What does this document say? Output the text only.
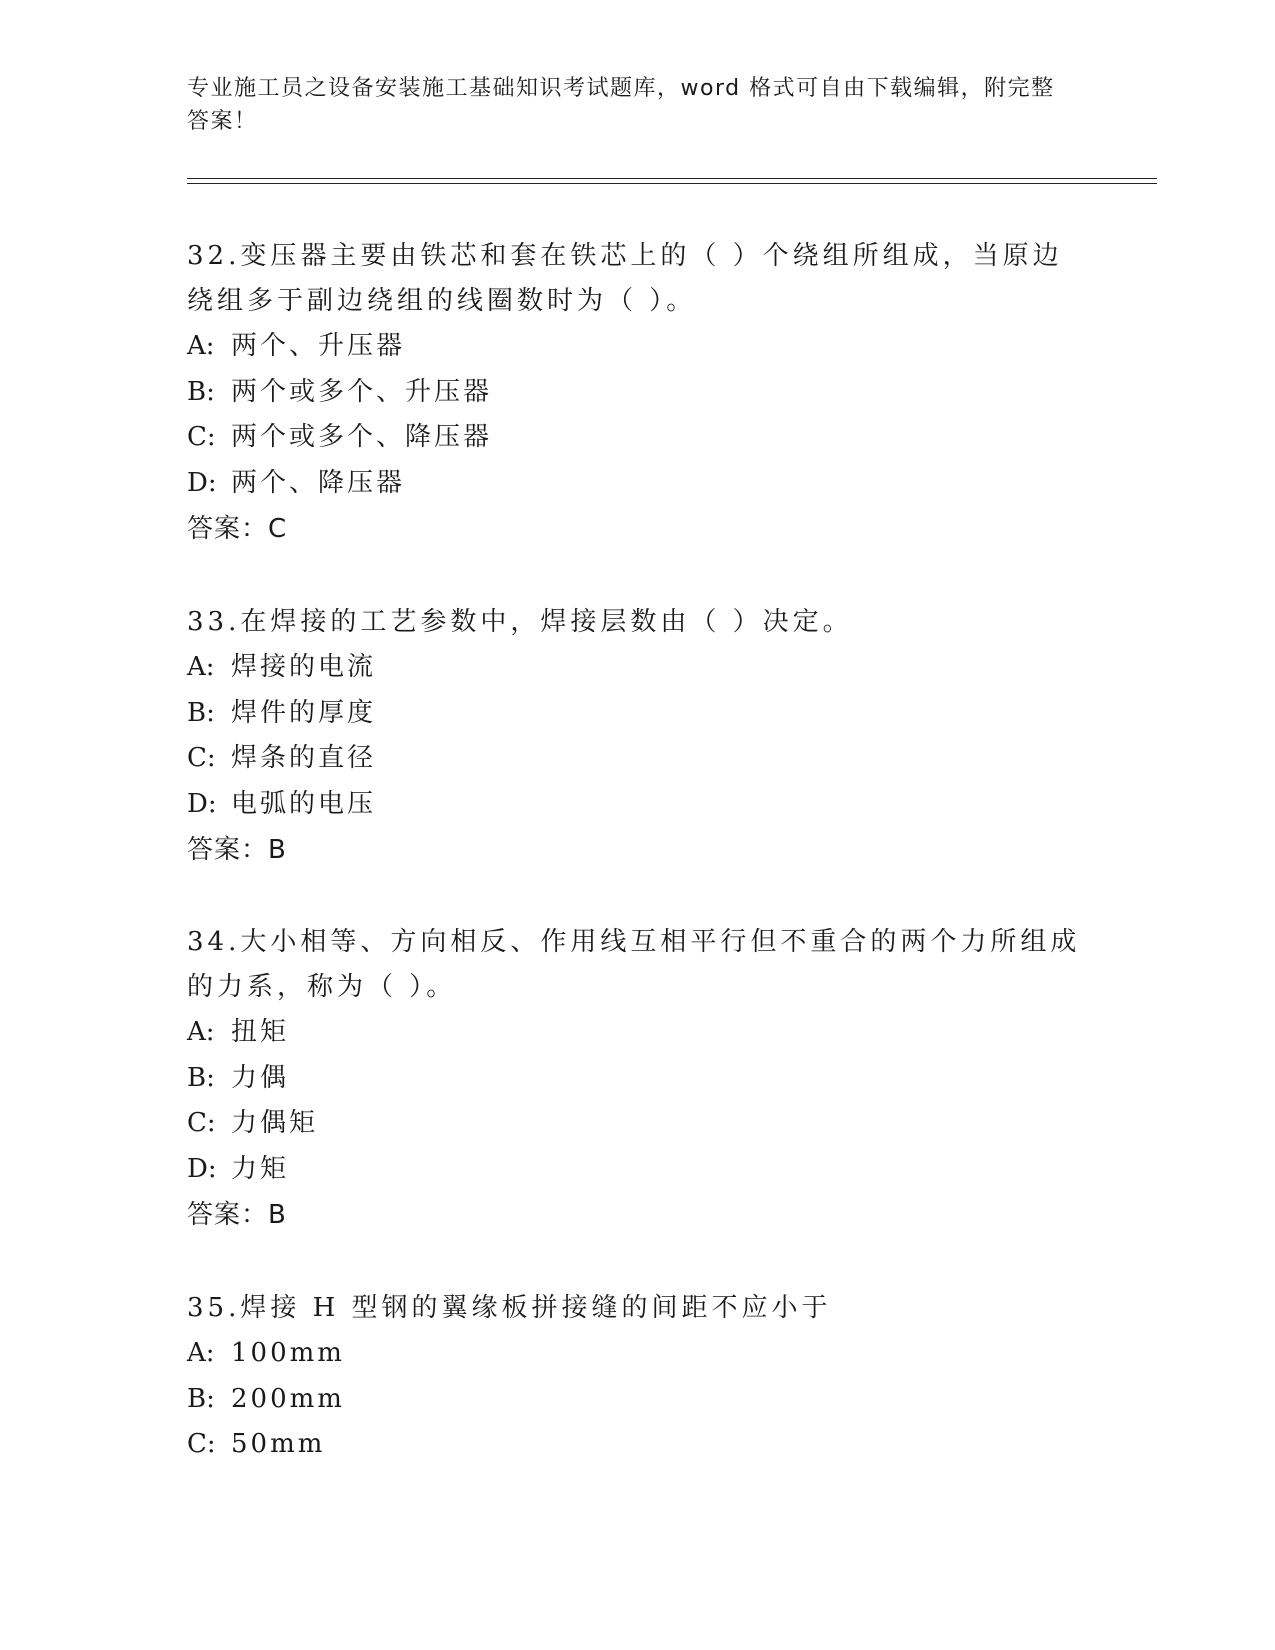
专业施工员之设备安装施工基础知识考试题库，word 格式可自由下载编辑，附完整答案！

32.变压器主要由铁芯和套在铁芯上的（ ）个绕组所组成，当原边绕组多于副边绕组的线圈数时为（ ）。

A: 两个、升压器

B: 两个或多个、升压器

C: 两个或多个、降压器

D: 两个、降压器

答案：C

33.在焊接的工艺参数中，焊接层数由（ ）决定。

A: 焊接的电流

B: 焊件的厚度

C: 焊条的直径

D: 电弧的电压

答案：B

34.大小相等、方向相反、作用线互相平行但不重合的两个力所组成的力系，称为（ ）。

A: 扭矩

B: 力偶

C: 力偶矩

D: 力矩

答案：B

35.焊接 H 型钢的翼缘板拼接缝的间距不应小于

A: 100mm

B: 200mm

C: 50mm
